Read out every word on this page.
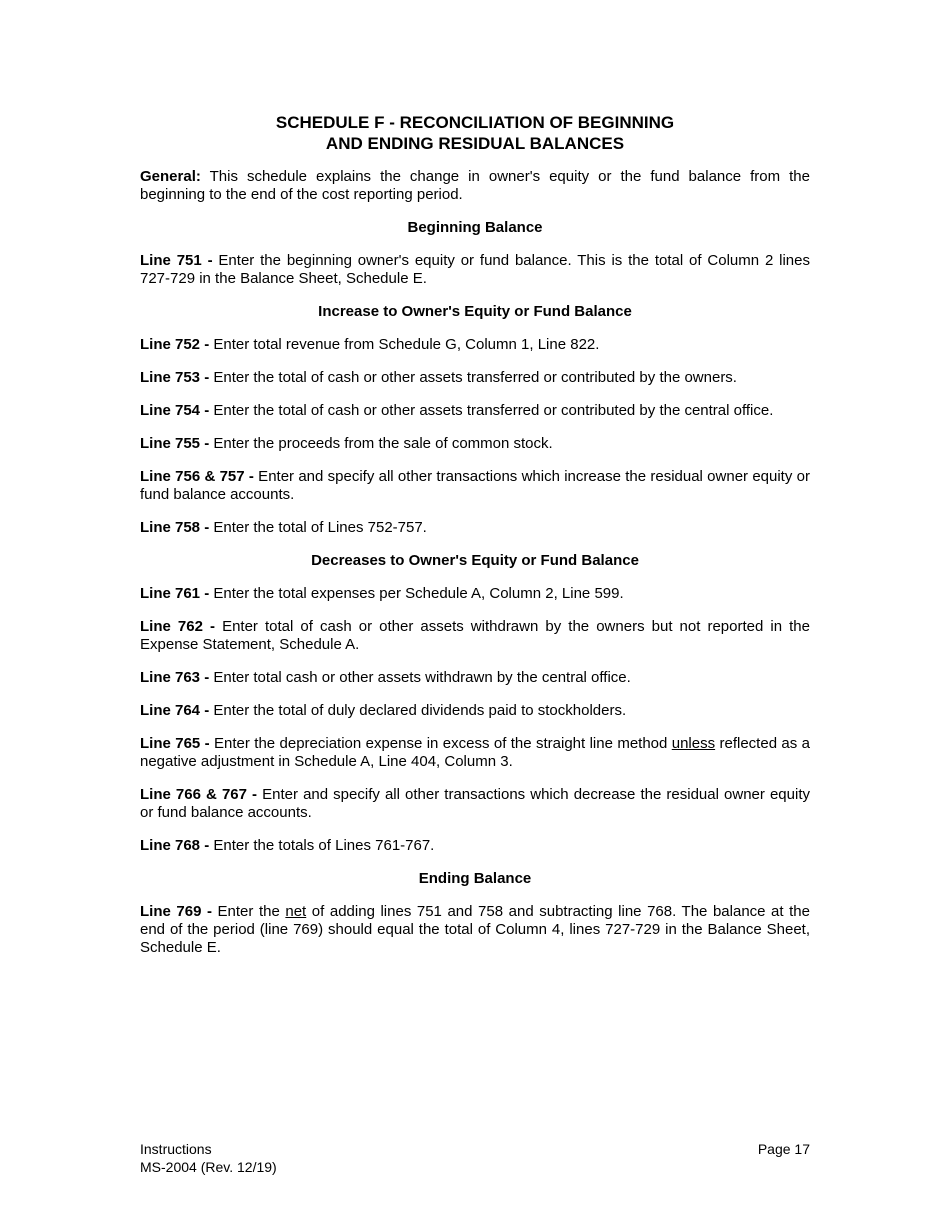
SCHEDULE F - RECONCILIATION OF BEGINNING
AND ENDING RESIDUAL BALANCES

General: This schedule explains the change in owner's equity or the fund balance from the beginning to the end of the cost reporting period.

Beginning Balance

Line 751 - Enter the beginning owner's equity or fund balance. This is the total of Column 2 lines 727-729 in the Balance Sheet, Schedule E.

Increase to Owner's Equity or Fund Balance

Line 752 - Enter total revenue from Schedule G, Column 1, Line 822.

Line 753 - Enter the total of cash or other assets transferred or contributed by the owners.

Line 754 - Enter the total of cash or other assets transferred or contributed by the central office.

Line 755 - Enter the proceeds from the sale of common stock.

Line 756 & 757 - Enter and specify all other transactions which increase the residual owner equity or fund balance accounts.

Line 758 - Enter the total of Lines 752-757.

Decreases to Owner's Equity or Fund Balance

Line 761 - Enter the total expenses per Schedule A, Column 2, Line 599.

Line 762 - Enter total of cash or other assets withdrawn by the owners but not reported in the Expense Statement, Schedule A.

Line 763 - Enter total cash or other assets withdrawn by the central office.

Line 764 - Enter the total of duly declared dividends paid to stockholders.

Line 765 - Enter the depreciation expense in excess of the straight line method unless reflected as a negative adjustment in Schedule A, Line 404, Column 3.

Line 766 & 767 - Enter and specify all other transactions which decrease the residual owner equity or fund balance accounts.

Line 768 - Enter the totals of Lines 761-767.

Ending Balance

Line 769 - Enter the net of adding lines 751 and 758 and subtracting line 768. The balance at the end of the period (line 769) should equal the total of Column 4, lines 727-729 in the Balance Sheet, Schedule E.

Instructions
MS-2004 (Rev. 12/19)
Page 17
